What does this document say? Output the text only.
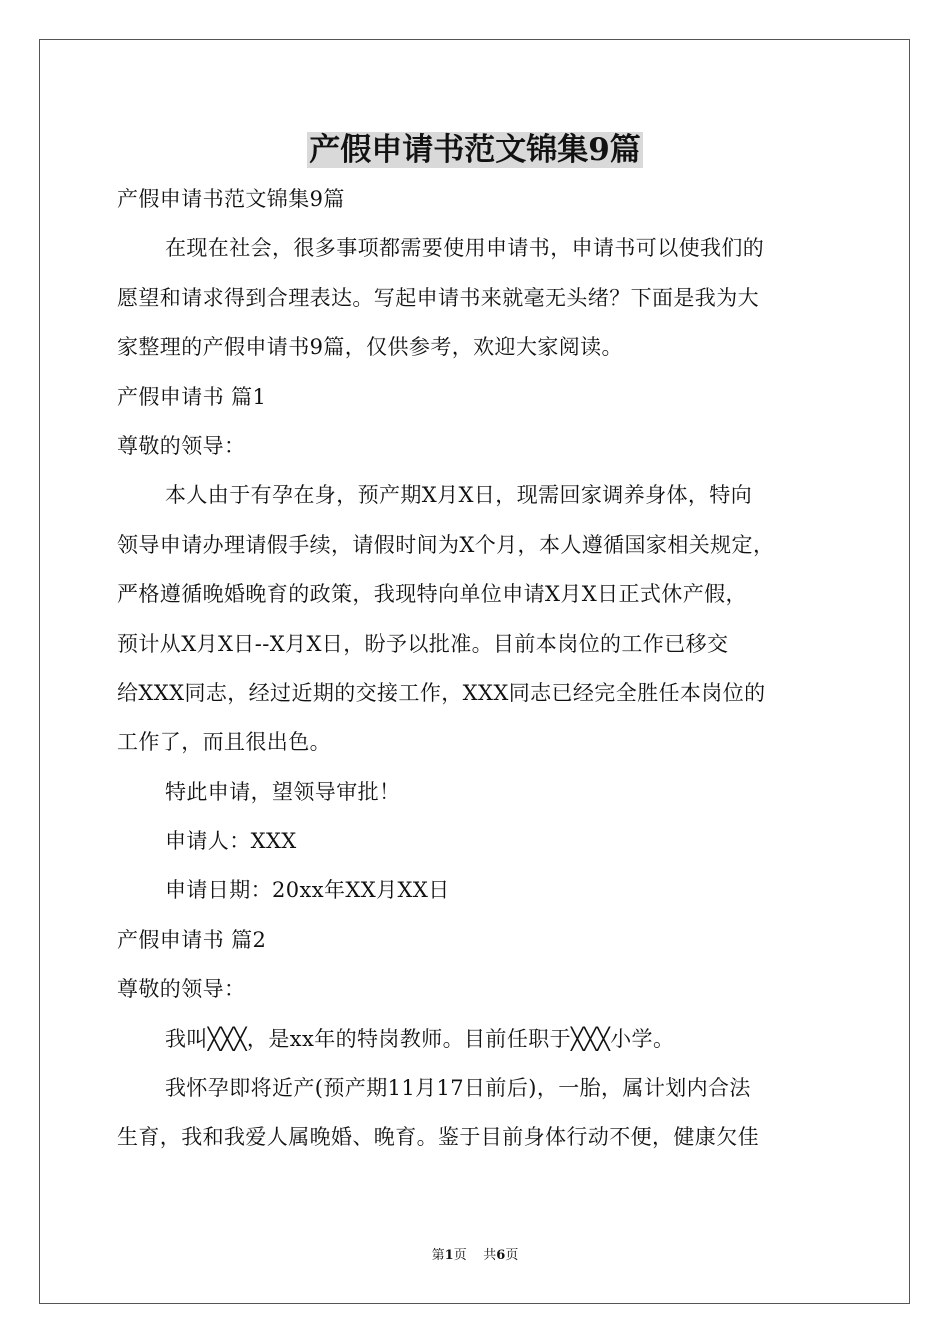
产假申请书范文锦集9篇
产假申请书范文锦集9篇
在现在社会，很多事项都需要使用申请书，申请书可以使我们的
愿望和请求得到合理表达。写起申请书来就毫无头绪？下面是我为大
家整理的产假申请书9篇，仅供参考，欢迎大家阅读。
产假申请书 篇1
尊敬的领导：
本人由于有孕在身，预产期X月X日，现需回家调养身体，特向
领导申请办理请假手续，请假时间为X个月，本人遵循国家相关规定，
严格遵循晚婚晚育的政策，我现特向单位申请X月X日正式休产假，
预计从X月X日--X月X日，盼予以批准。目前本岗位的工作已移交
给XXX同志，经过近期的交接工作，XXX同志已经完全胜任本岗位的
工作了，而且很出色。
特此申请，望领导审批！
申请人：XXX
申请日期：20xx年XX月XX日
产假申请书 篇2
尊敬的领导：
我叫╳╳╳，是xx年的特岗教师。目前任职于╳╳╳小学。
我怀孕即将近产(预产期11月17日前后)，一胎，属计划内合法
生育，我和我爱人属晚婚、晚育。鉴于目前身体行动不便，健康欠佳
第1页 共6页
